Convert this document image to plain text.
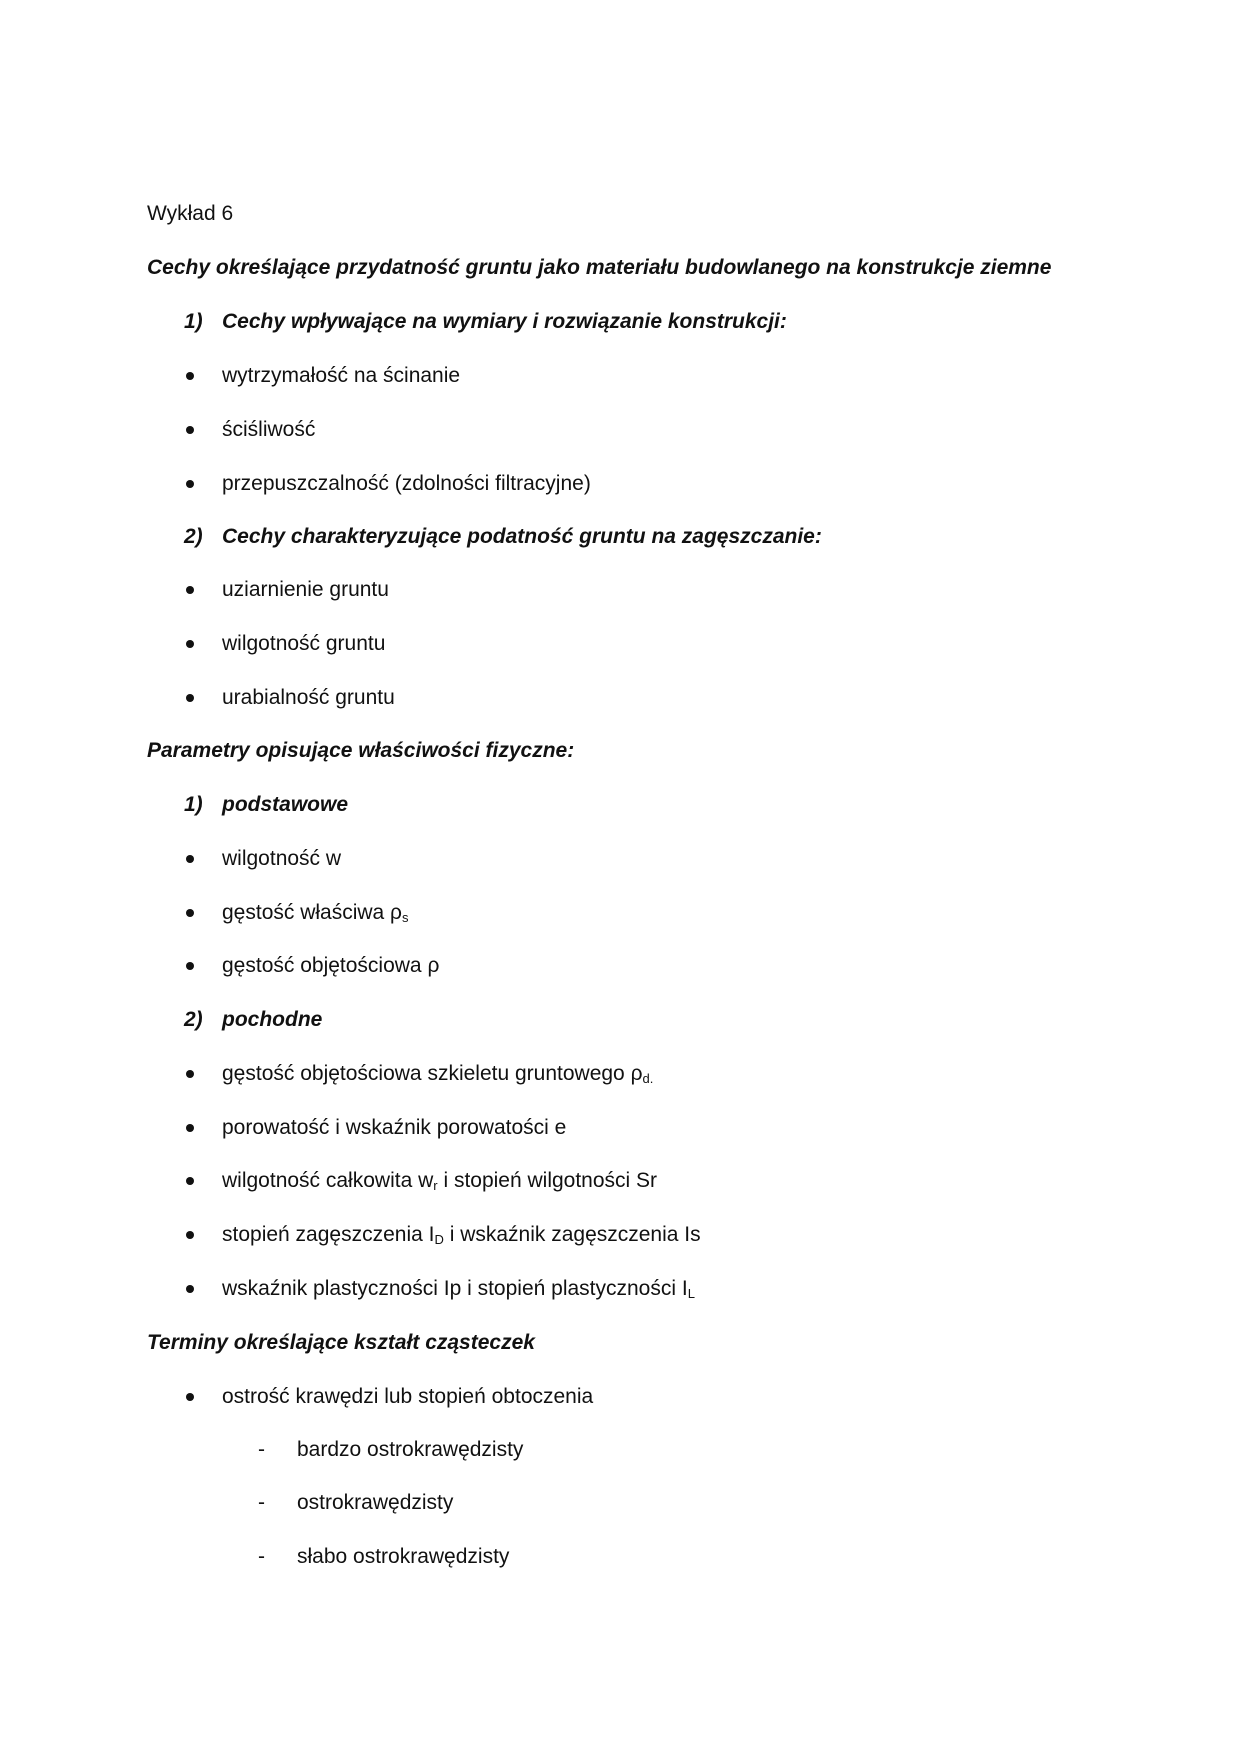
Wykład 6
Cechy określające przydatność gruntu jako materiału budowlanego na konstrukcje ziemne
1) Cechy wpływające na wymiary i rozwiązanie konstrukcji:
wytrzymałość na ścinanie
ściśliwość
przepuszczalność (zdolności filtracyjne)
2) Cechy charakteryzujące podatność gruntu na zagęszczanie:
uziarnienie gruntu
wilgotność gruntu
urabialność gruntu
Parametry opisujące właściwości fizyczne:
1) podstawowe
wilgotność w
gęstość właściwa $\rho_s$
gęstość objętościowa ρ
2) pochodne
gęstość objętościowa szkieletu gruntowego $\rho_{d.}$
porowatość i wskaźnik porowatości e
wilgotność całkowita $w_r$ i stopień wilgotności Sr
stopień zagęszczenia $I_D$ i wskaźnik zagęszczenia Is
wskaźnik plastyczności Ip i stopień plastyczności $I_L$
Terminy określające kształt cząsteczek
ostrość krawędzi lub stopień obtoczenia
- bardzo ostrokrawędzisty
- ostrokrawędzisty
- słabo ostrokrawędzisty
